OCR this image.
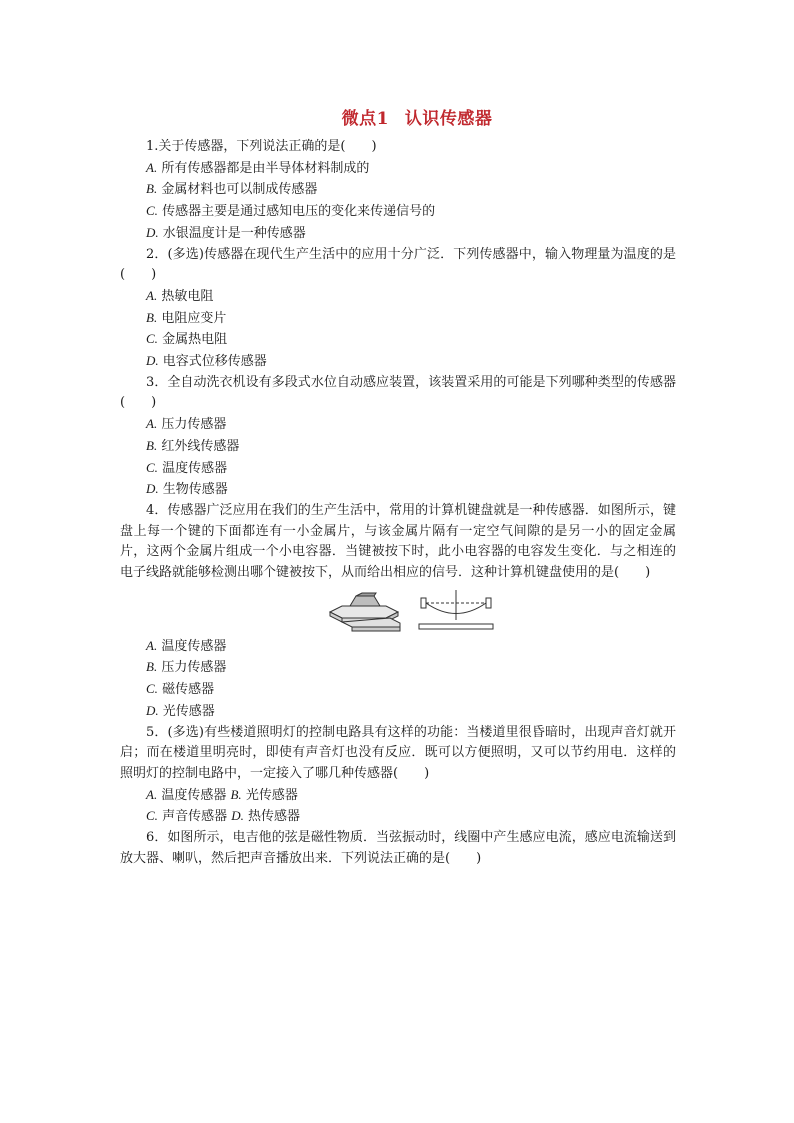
微点1 认识传感器

1.关于传感器，下列说法正确的是(　　)

A. 所有传感器都是由半导体材料制成的

B. 金属材料也可以制成传感器

C. 传感器主要是通过感知电压的变化来传递信号的

D. 水银温度计是一种传感器

2．(多选)传感器在现代生产生活中的应用十分广泛．下列传感器中，输入物理量为温度的是(　　)

A. 热敏电阻

B. 电阻应变片

C. 金属热电阻

D. 电容式位移传感器

3．全自动洗衣机设有多段式水位自动感应装置，该装置采用的可能是下列哪种类型的传感器(　　)

A. 压力传感器

B. 红外线传感器

C. 温度传感器

D. 生物传感器

4．传感器广泛应用在我们的生产生活中，常用的计算机键盘就是一种传感器．如图所示，键盘上每一个键的下面都连有一小金属片，与该金属片隔有一定空气间隙的是另一小的固定金属片，这两个金属片组成一个小电容器．当键被按下时，此小电容器的电容发生变化．与之相连的电子线路就能够检测出哪个键被按下，从而给出相应的信号．这种计算机键盘使用的是(　　)

A. 温度传感器

B. 压力传感器

C. 磁传感器

D. 光传感器

5．(多选)有些楼道照明灯的控制电路具有这样的功能：当楼道里很昏暗时，出现声音灯就开启；而在楼道里明亮时，即使有声音灯也没有反应．既可以方便照明，又可以节约用电．这样的照明灯的控制电路中，一定接入了哪几种传感器(　　)

A. 温度传感器 B. 光传感器

C. 声音传感器 D. 热传感器

6．如图所示，电吉他的弦是磁性物质．当弦振动时，线圈中产生感应电流，感应电流输送到放大器、喇叭，然后把声音播放出来．下列说法正确的是(　　)
